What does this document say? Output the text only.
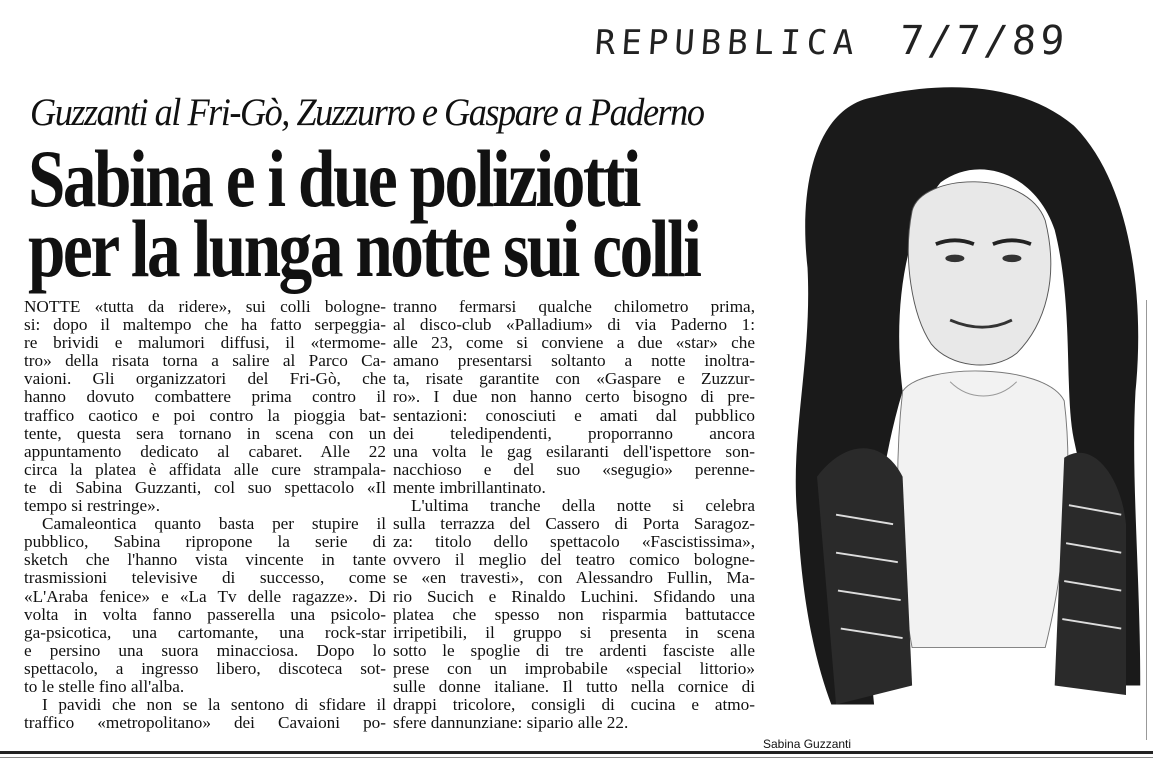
REPUBBLICA 7/7/89
Guzzanti al Fri-Gò, Zuzzurro e Gaspare a Paderno
Sabina e i due poliziotti
per la lunga notte sui colli
NOTTE «tutta da ridere», sui colli bologne-
si: dopo il maltempo che ha fatto serpeggia-
re brividi e malumori diffusi, il «termome-
tro» della risata torna a salire al Parco Ca-
vaioni. Gli organizzatori del Fri-Gò, che
hanno dovuto combattere prima contro il
traffico caotico e poi contro la pioggia bat-
tente, questa sera tornano in scena con un
appuntamento dedicato al cabaret. Alle 22
circa la platea è affidata alle cure strampala-
te di Sabina Guzzanti, col suo spettacolo «Il
tempo si restringe».
Camaleontica quanto basta per stupire il
pubblico, Sabina ripropone la serie di
sketch che l'hanno vista vincente in tante
trasmissioni televisive di successo, come
«L'Araba fenice» e «La Tv delle ragazze». Di
volta in volta fanno passerella una psicolo-
ga-psicotica, una cartomante, una rock-star
e persino una suora minacciosa. Dopo lo
spettacolo, a ingresso libero, discoteca sot-
to le stelle fino all'alba.
I pavidi che non se la sentono di sfidare il
traffico «metropolitano» dei Cavaioni po-
tranno fermarsi qualche chilometro prima,
al disco-club «Palladium» di via Paderno 1:
alle 23, come si conviene a due «star» che
amano presentarsi soltanto a notte inoltra-
ta, risate garantite con «Gaspare e Zuzzur-
ro». I due non hanno certo bisogno di pre-
sentazioni: conosciuti e amati dal pubblico
dei teledipendenti, proporranno ancora
una volta le gag esilaranti dell'ispettore son-
nacchioso e del suo «segugio» perenne-
mente imbrillantinato.
L'ultima tranche della notte si celebra
sulla terrazza del Cassero di Porta Saragoz-
za: titolo dello spettacolo «Fascistissima»,
ovvero il meglio del teatro comico bologne-
se «en travesti», con Alessandro Fullin, Ma-
rio Sucich e Rinaldo Luchini. Sfidando una
platea che spesso non risparmia battutacce
irripetibili, il gruppo si presenta in scena
sotto le spoglie di tre ardenti fasciste alle
prese con un improbabile «special littorio»
sulle donne italiane. Il tutto nella cornice di
drappi tricolore, consigli di cucina e atmo-
sfere dannunziane: sipario alle 22.
Sabina Guzzanti
